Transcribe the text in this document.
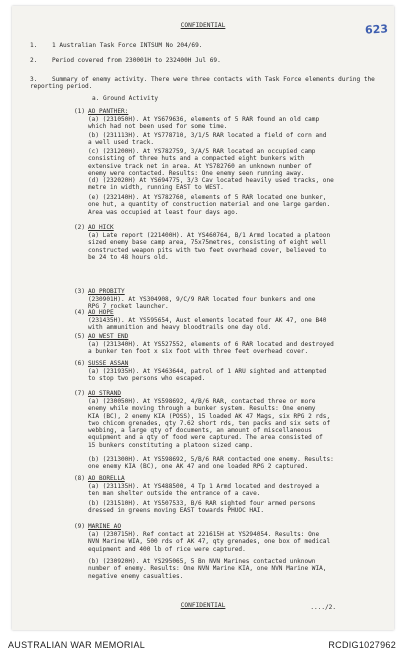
623
CONFIDENTIAL
1. 1 Australian Task Force INTSUM No 204/69.
2. Period covered from 230001H to 232400H Jul 69.
3. Summary of enemy activity. There were three contacts with Task Force elements during the reporting period.
a. Ground Activity
(1) AO PANTHER:
(a) (231050H). At YS679636, elements of 5 RAR found an old camp
which had not been used for some time.
(b) (231113H). At YS778710, 3/1/5 RAR located a field of corn and
a well used track.
(c) (231200H). At YS782759, 3/A/5 RAR located an occupied camp
consisting of three huts and a compacted eight bunkers with
extensive track net in area. At YS782760 an unknown number of
enemy were contacted. Results: One enemy seen running away.
(d) (232020H) At YS694775, 3/3 Cav located heavily used tracks, one
metre in width, running EAST to WEST.
(e) (232140H). At YS782760, elements of 5 RAR located one bunker,
one hut, a quantity of construction material and one large garden.
Area was occupied at least four days ago.
(2) AO HICK
(a) Late report (221400H). At YS460764, B/1 Armd located a platoon
sized enemy base camp area, 75x75metres, consisting of eight well
constructed weapon pits with two feet overhead cover, believed to
be 24 to 48 hours old.
(3) AO PROBITY
(230901H). At YS304908, 9/C/9 RAR located four bunkers and one
RPG 7 rocket launcher.
(4) AO HOPE
(231435H). At YS595654, Aust elements located four AK 47, one B40
with ammunition and heavy bloodtrails one day old.
(5) AO WEST END
(a) (231340H). At YS527552, elements of 6 RAR located and destroyed
a bunker ten foot x six foot with three feet overhead cover.
(6) SUSSE ASSAN
(a) (231935H). At YS463644, patrol of 1 ARU sighted and attempted
to stop two persons who escaped.
(7) AO STRAND
(a) (230050H). At YS598692, 4/B/6 RAR, contacted three or more
enemy while moving through a bunker system. Results: One enemy
KIA (BC), 2 enemy KIA (POSS), 15 loaded AK 47 Mags, six RPG 2 rds,
two chicom grenades, qty 7.62 short rds, ten packs and six sets of
webbing, a large qty of documents, an amount of miscellaneous
equipment and a qty of food were captured. The area consisted of
15 bunkers constituting a platoon sized camp.
(b) (231300H). At YS598692, 5/B/6 RAR contacted one enemy. Results:
one enemy KIA (BC), one AK 47 and one loaded RPG 2 captured.
(8) AO BORELLA
(a) (231135H). At YS488500, 4 Tp 1 Armd located and destroyed a
ten man shelter outside the entrance of a cave.
(b) (231510H). At YS507533, B/6 RAR sighted four armed persons
dressed in greens moving EAST towards PHUOC HAI.
(9) MARINE AO
(a) (230715H). Ref contact at 221615H at YS294054. Results: One
NVN Marine WIA, 500 rds of AK 47, qty grenades, one box of medical
equipment and 400 lb of rice were captured.
(b) (230920H). At YS295065, 5 Bn NVN Marines contacted unknown
number of enemy. Results: One NVN Marine KIA, one NVN Marine WIA,
negative enemy casualties.
CONFIDENTIAL	..../2.
AUSTRALIAN WAR MEMORIAL	RCDIG1027962
